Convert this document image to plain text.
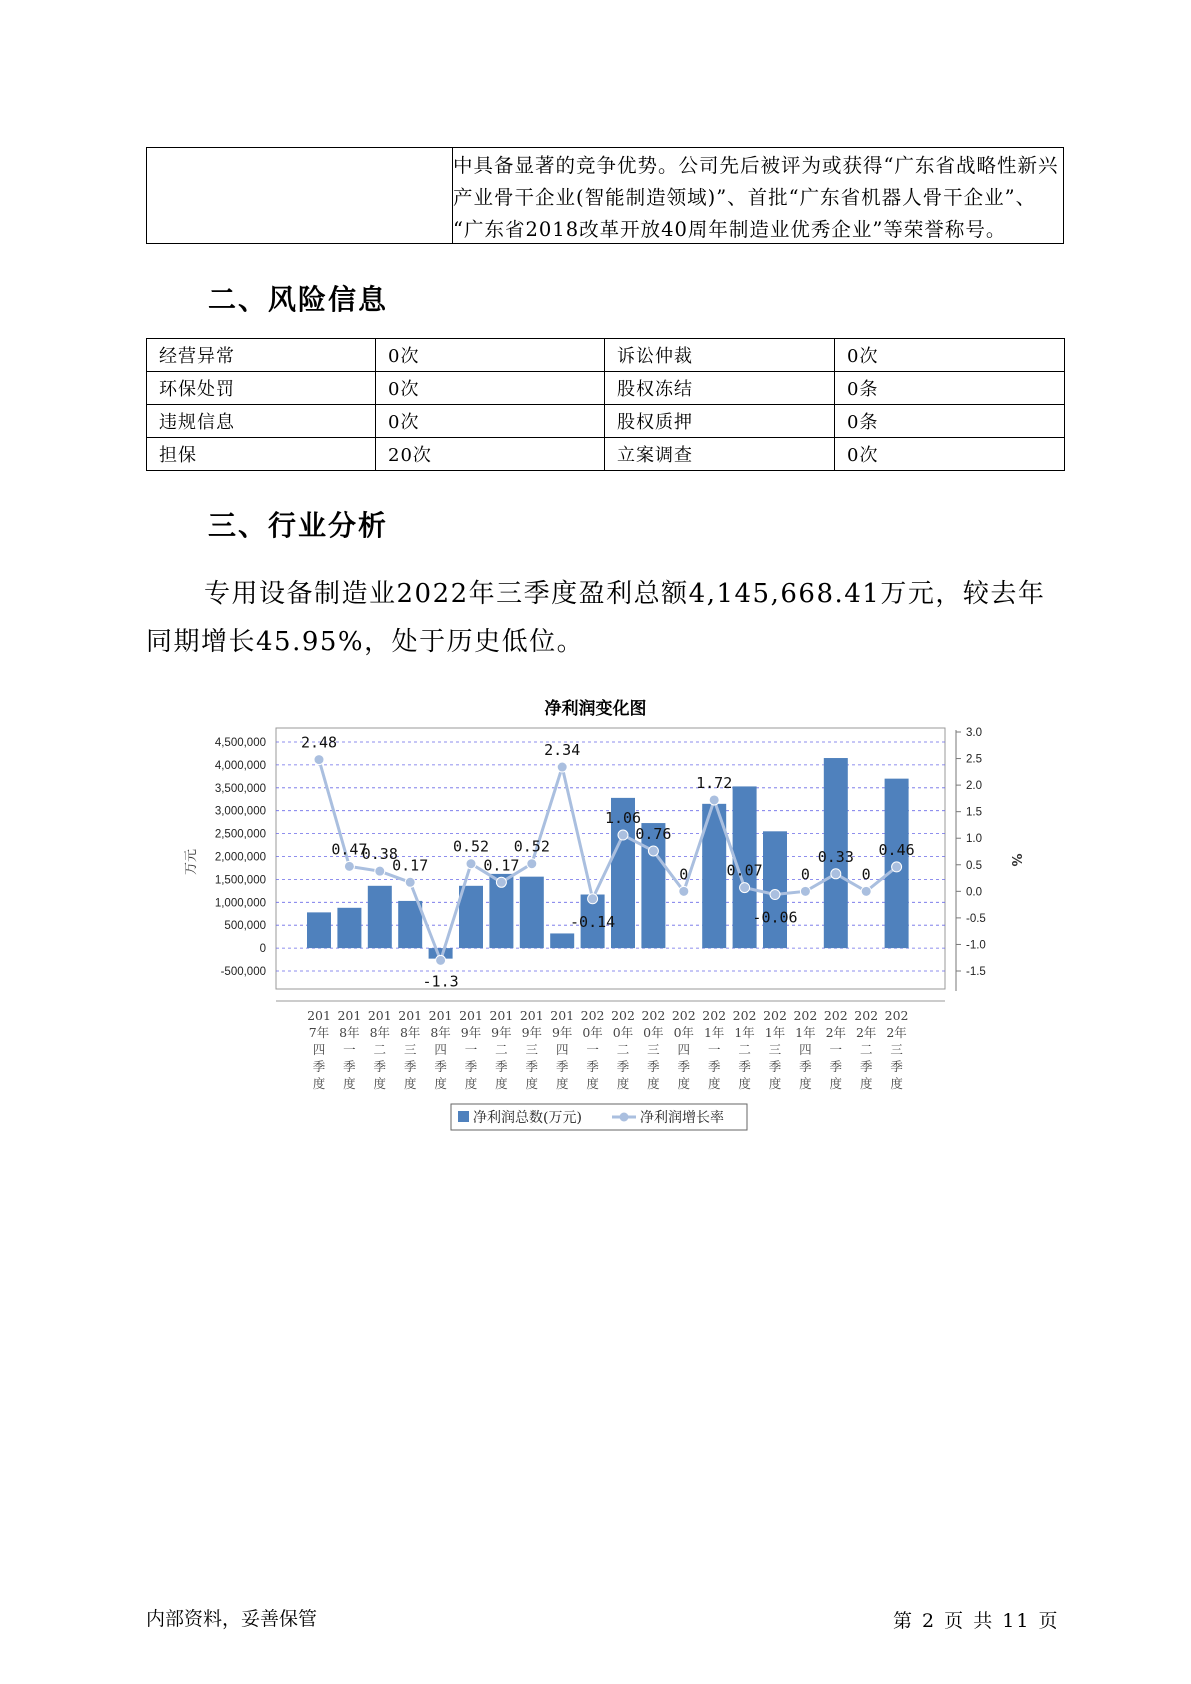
中具备显著的竞争优势。公司先后被评为或获得“广东省战略性新兴
产业骨干企业(智能制造领域)”、首批“广东省机器人骨干企业”、
“广东省2018改革开放40周年制造业优秀企业”等荣誉称号。
二、风险信息
经营异常	0次	诉讼仲裁	0次
环保处罚	0次	股权冻结	0条
违规信息	0次	股权质押	0条
担保	20次	立案调查	0次
三、行业分析

专用设备制造业2022年三季度盈利总额4,145,668.41万元，较去年同期增长45.95%，处于历史低位。

净利润变化图
4,500,000
4,000,000
3,500,000
3,000,000
2,500,000
2,000,000
1,500,000
1,000,000
500,000
0
-500,000
3.0
2.5
2.0
1.5
1.0
0.5
0.0
-0.5
-1.0
-1.5
万元	%
2.48
0.47
0.38
0.17
-1.3
0.52
0.17
0.52
2.34
-0.14
1.06
0.76
0
1.72
0.07
-0.06
0
0.33
0
0.46
201
7年
四
季
度
201
8年
一
季
度
201
8年
二
季
度
201
8年
三
季
度
201
8年
四
季
度
201
9年
一
季
度
201
9年
二
季
度
201
9年
三
季
度
201
9年
四
季
度
202
0年
一
季
度
202
0年
二
季
度
202
0年
三
季
度
202
0年
四
季
度
202
1年
一
季
度
202
1年
二
季
度
202
1年
三
季
度
202
1年
四
季
度
202
2年
一
季
度
202
2年
二
季
度
202
2年
三
季
度
净利润总数(万元)	净利润增长率
内部资料，妥善保管	第 2 页 共 11 页
